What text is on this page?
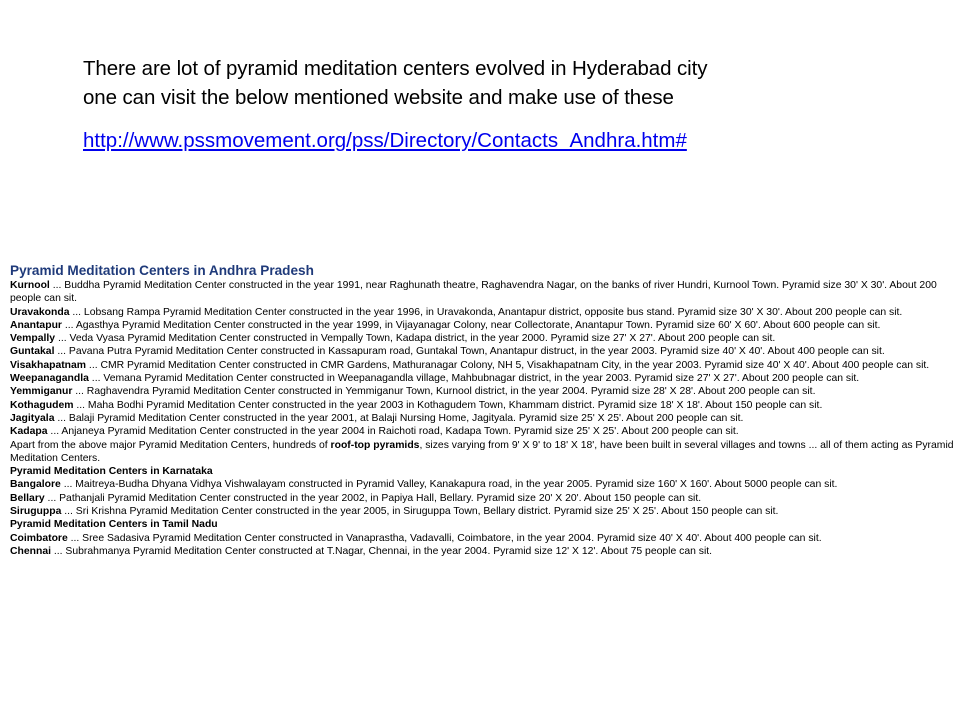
There are lot of pyramid meditation centers evolved in Hyderabad city

one can visit the below mentioned website and make use of these

http://www.pssmovement.org/pss/Directory/Contacts_Andhra.htm#
Pyramid Meditation Centers in Andhra Pradesh

Kurnool ... Buddha Pyramid Meditation Center constructed in the year 1991, near Raghunath theatre, Raghavendra Nagar, on the banks of river Hundri, Kurnool Town. Pyramid size 30' X 30'. About 200 people can sit.

Uravakonda ... Lobsang Rampa Pyramid Meditation Center constructed in the year 1996, in Uravakonda, Anantapur district, opposite bus stand. Pyramid size 30' X 30'. About 200 people can sit.

Anantapur ... Agasthya Pyramid Meditation Center constructed in the year 1999, in Vijayanagar Colony, near Collectorate, Anantapur Town. Pyramid size 60' X 60'. About 600 people can sit.

Vempally ... Veda Vyasa Pyramid Meditation Center constructed in Vempally Town, Kadapa district, in the year 2000. Pyramid size 27' X 27'. About 200 people can sit.

Guntakal ... Pavana Putra Pyramid Meditation Center constructed in Kassapuram road, Guntakal Town, Anantapur distruct, in the year 2003. Pyramid size 40' X 40'. About 400 people can sit.

Visakhapatnam ... CMR Pyramid Meditation Center constructed in CMR Gardens, Mathuranagar Colony, NH 5, Visakhapatnam City, in the year 2003. Pyramid size 40' X 40'. About 400 people can sit.

Weepanagandla ... Vemana Pyramid Meditation Center constructed in Weepanagandla village, Mahbubnagar district, in the year 2003. Pyramid size 27' X 27'. About 200 people can sit.

Yemmiganur ... Raghavendra Pyramid Meditation Center constructed in Yemmiganur Town, Kurnool district, in the year 2004. Pyramid size 28' X 28'. About 200 people can sit.

Kothagudem ... Maha Bodhi Pyramid Meditation Center constructed in the year 2003 in Kothagudem Town, Khammam district. Pyramid size 18' X 18'. About 150 people can sit.

Jagityala ... Balaji Pyramid Meditation Center constructed in the year 2001, at Balaji Nursing Home, Jagityala. Pyramid size 25' X 25'. About 200 people can sit.

Kadapa ... Anjaneya Pyramid Meditation Center constructed in the year 2004 in Raichoti road, Kadapa Town. Pyramid size 25' X 25'. About 200 people can sit.

Apart from the above major Pyramid Meditation Centers, hundreds of roof-top pyramids, sizes varying from 9' X 9' to 18' X 18', have been built in several villages and towns ... all of them acting as Pyramid Meditation Centers.

Pyramid Meditation Centers in Karnataka

Bangalore ... Maitreya-Budha Dhyana Vidhya Vishwalayam constructed in Pyramid Valley, Kanakapura road, in the year 2005. Pyramid size 160' X 160'. About 5000 people can sit.

Bellary ... Pathanjali Pyramid Meditation Center constructed in the year 2002, in Papiya Hall, Bellary. Pyramid size 20' X 20'. About 150 people can sit.

Siruguppa ... Sri Krishna Pyramid Meditation Center constructed in the year 2005, in Siruguppa Town, Bellary district. Pyramid size 25' X 25'. About 150 people can sit.

Pyramid Meditation Centers in Tamil Nadu

Coimbatore ... Sree Sadasiva Pyramid Meditation Center constructed in Vanaprastha, Vadavalli, Coimbatore, in the year 2004. Pyramid size 40' X 40'. About 400 people can sit.

Chennai ... Subrahmanya Pyramid Meditation Center constructed at T.Nagar, Chennai, in the year 2004. Pyramid size 12' X 12'. About 75 people can sit.
